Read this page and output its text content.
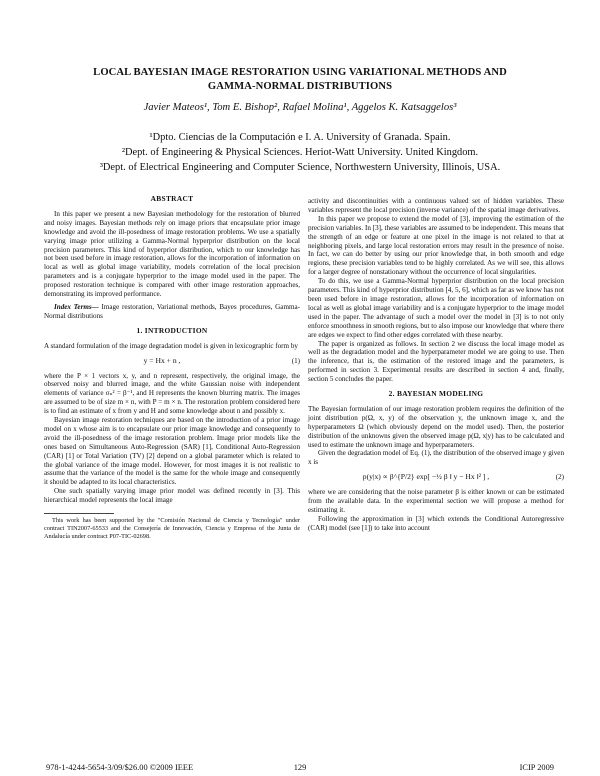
LOCAL BAYESIAN IMAGE RESTORATION USING VARIATIONAL METHODS AND
GAMMA-NORMAL DISTRIBUTIONS
Javier Mateos¹, Tom E. Bishop², Rafael Molina¹, Aggelos K. Katsaggelos³
¹Dpto. Ciencias de la Computación e I. A. University of Granada. Spain.
²Dept. of Engineering & Physical Sciences. Heriot-Watt University. United Kingdom.
³Dept. of Electrical Engineering and Computer Science, Northwestern University, Illinois, USA.
ABSTRACT

In this paper we present a new Bayesian methodology for the restoration of blurred and noisy images. Bayesian methods rely on image priors that encapsulate prior image knowledge and avoid the ill-posedness of image restoration problems. We use a spatially varying image prior utilizing a Gamma-Normal hyperprior distribution on the local precision parameters. This kind of hyperprior distribution, which to our knowledge has not been used before in image restoration, allows for the incorporation of information on local as well as global image variability, models correlation of the local precision parameters and is a conjugate hyperprior to the image model used in the paper. The proposed restoration technique is compared with other image restoration approaches, demonstrating its improved performance.

Index Terms— Image restoration, Variational methods, Bayes procedures, Gamma-Normal distributions

1. INTRODUCTION

A standard formulation of the image degradation model is given in lexicographic form by

y = Hx + n ,	(1)

where the P × 1 vectors x, y, and n represent, respectively, the original image, the observed noisy and blurred image, and the white Gaussian noise with independent elements of variance σₙ² = β⁻¹, and H represents the known blurring matrix. The images are assumed to be of size m × n, with P = m × n. The restoration problem considered here is to find an estimate of x from y and H and some knowledge about n and possibly x.

Bayesian image restoration techniques are based on the introduction of a prior image model on x whose aim is to encapsulate our prior image knowledge and consequently to avoid the ill-posedness of the image restoration problem. Image prior models like the ones based on Simultaneous Auto-Regression (SAR) [1], Conditional Auto-Regression (CAR) [1] or Total Variation (TV) [2] depend on a global parameter which is related to the global variance of the image model. However, for most images it is not realistic to assume that the variance of the model is the same for the whole image and consequently it should be adapted to its local characteristics.

One such spatially varying image prior model was defined recently in [3]. This hierarchical model represents the local image

This work has been supported by the "Comisión Nacional de Ciencia y Tecnología" under contract TIN2007-65533 and the Consejería de Innovación, Ciencia y Empresa of the Junta de Andalucía under contract P07-TIC-02698.

activity and discontinuities with a continuous valued set of hidden variables. These variables represent the local precision (inverse variance) of the spatial image derivatives.

In this paper we propose to extend the model of [3], improving the estimation of the precision variables. In [3], these variables are assumed to be independent. This means that the strength of an edge or feature at one pixel in the image is not related to that at neighboring pixels, and large local restoration errors may result in the presence of noise. In fact, we can do better by using our prior knowledge that, in both smooth and edge regions, these precision variables tend to be highly correlated. As we will see, this allows for a larger degree of nonstationary without the occurrence of local singularities.

To do this, we use a Gamma-Normal hyperprior distribution on the local precision parameters. This kind of hyperprior distribution [4, 5, 6], which as far as we know has not been used before in image restoration, allows for the incorporation of information on local as well as global image variability and is a conjugate hyperprior to the image model used in the paper. The advantage of such a model over the model in [3] is to not only enforce smoothness in smooth regions, but to also impose our knowledge that where there are edges we expect to find other edges correlated with these nearby.

The paper is organized as follows. In section 2 we discuss the local image model as well as the degradation model and the hyperparameter model we are going to use. Then the inference, that is, the estimation of the restored image and the parameters, is performed in section 3. Experimental results are described in section 4 and, finally, section 5 concludes the paper.

2. BAYESIAN MODELING

The Bayesian formulation of our image restoration problem requires the definition of the joint distribution p(Ω, x, y) of the observation y, the unknown image x, and the hyperparameters Ω (which obviously depend on the model used). Then, the posterior distribution of the unknowns given the observed image p(Ω, x|y) has to be calculated and used to estimate the unknown image and hyperparameters.

Given the degradation model of Eq. (1), the distribution of the observed image y given x is

p(y|x) ∝ β^{P/2} exp[ −½ β ‖ y − Hx ‖² ] ,	(2)

where we are considering that the noise parameter β is either known or can be estimated from the available data. In the experimental section we will propose a method for estimating it.

Following the approximation in [3] which extends the Conditional Autoregressive (CAR) model (see [1]) to take into account

978-1-4244-5654-3/09/$26.00 ©2009 IEEE	129	ICIP 2009
